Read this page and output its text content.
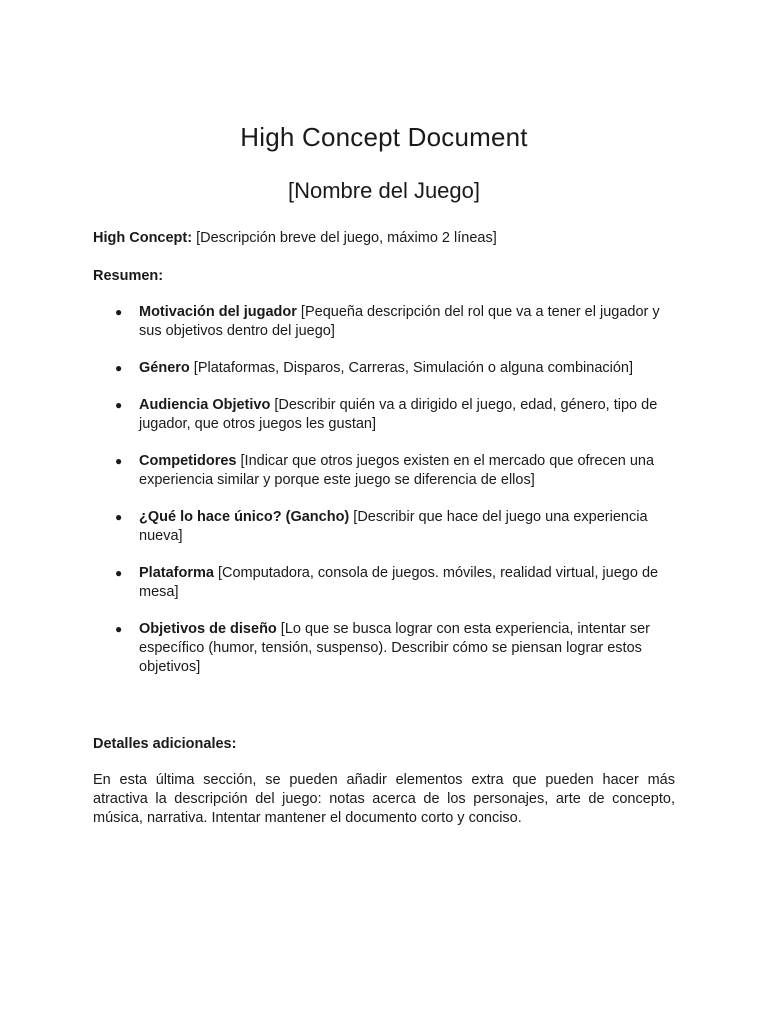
High Concept Document
[Nombre del Juego]

High Concept: [Descripción breve del juego, máximo 2 líneas]

Resumen:

● Motivación del jugador [Pequeña descripción del rol que va a tener el jugador y sus objetivos dentro del juego]
● Género [Plataformas, Disparos, Carreras, Simulación o alguna combinación]
● Audiencia Objetivo [Describir quién va a dirigido el juego, edad, género, tipo de jugador, que otros juegos les gustan]
● Competidores [Indicar que otros juegos existen en el mercado que ofrecen una experiencia similar y porque este juego se diferencia de ellos]
● ¿Qué lo hace único? (Gancho) [Describir que hace del juego una experiencia nueva]
● Plataforma [Computadora, consola de juegos. móviles, realidad virtual, juego de mesa]
● Objetivos de diseño [Lo que se busca lograr con esta experiencia, intentar ser específico (humor, tensión, suspenso). Describir cómo se piensan lograr estos objetivos]

Detalles adicionales:

En esta última sección, se pueden añadir elementos extra que pueden hacer más atractiva la descripción del juego: notas acerca de los personajes, arte de concepto, música, narrativa. Intentar mantener el documento corto y conciso.
